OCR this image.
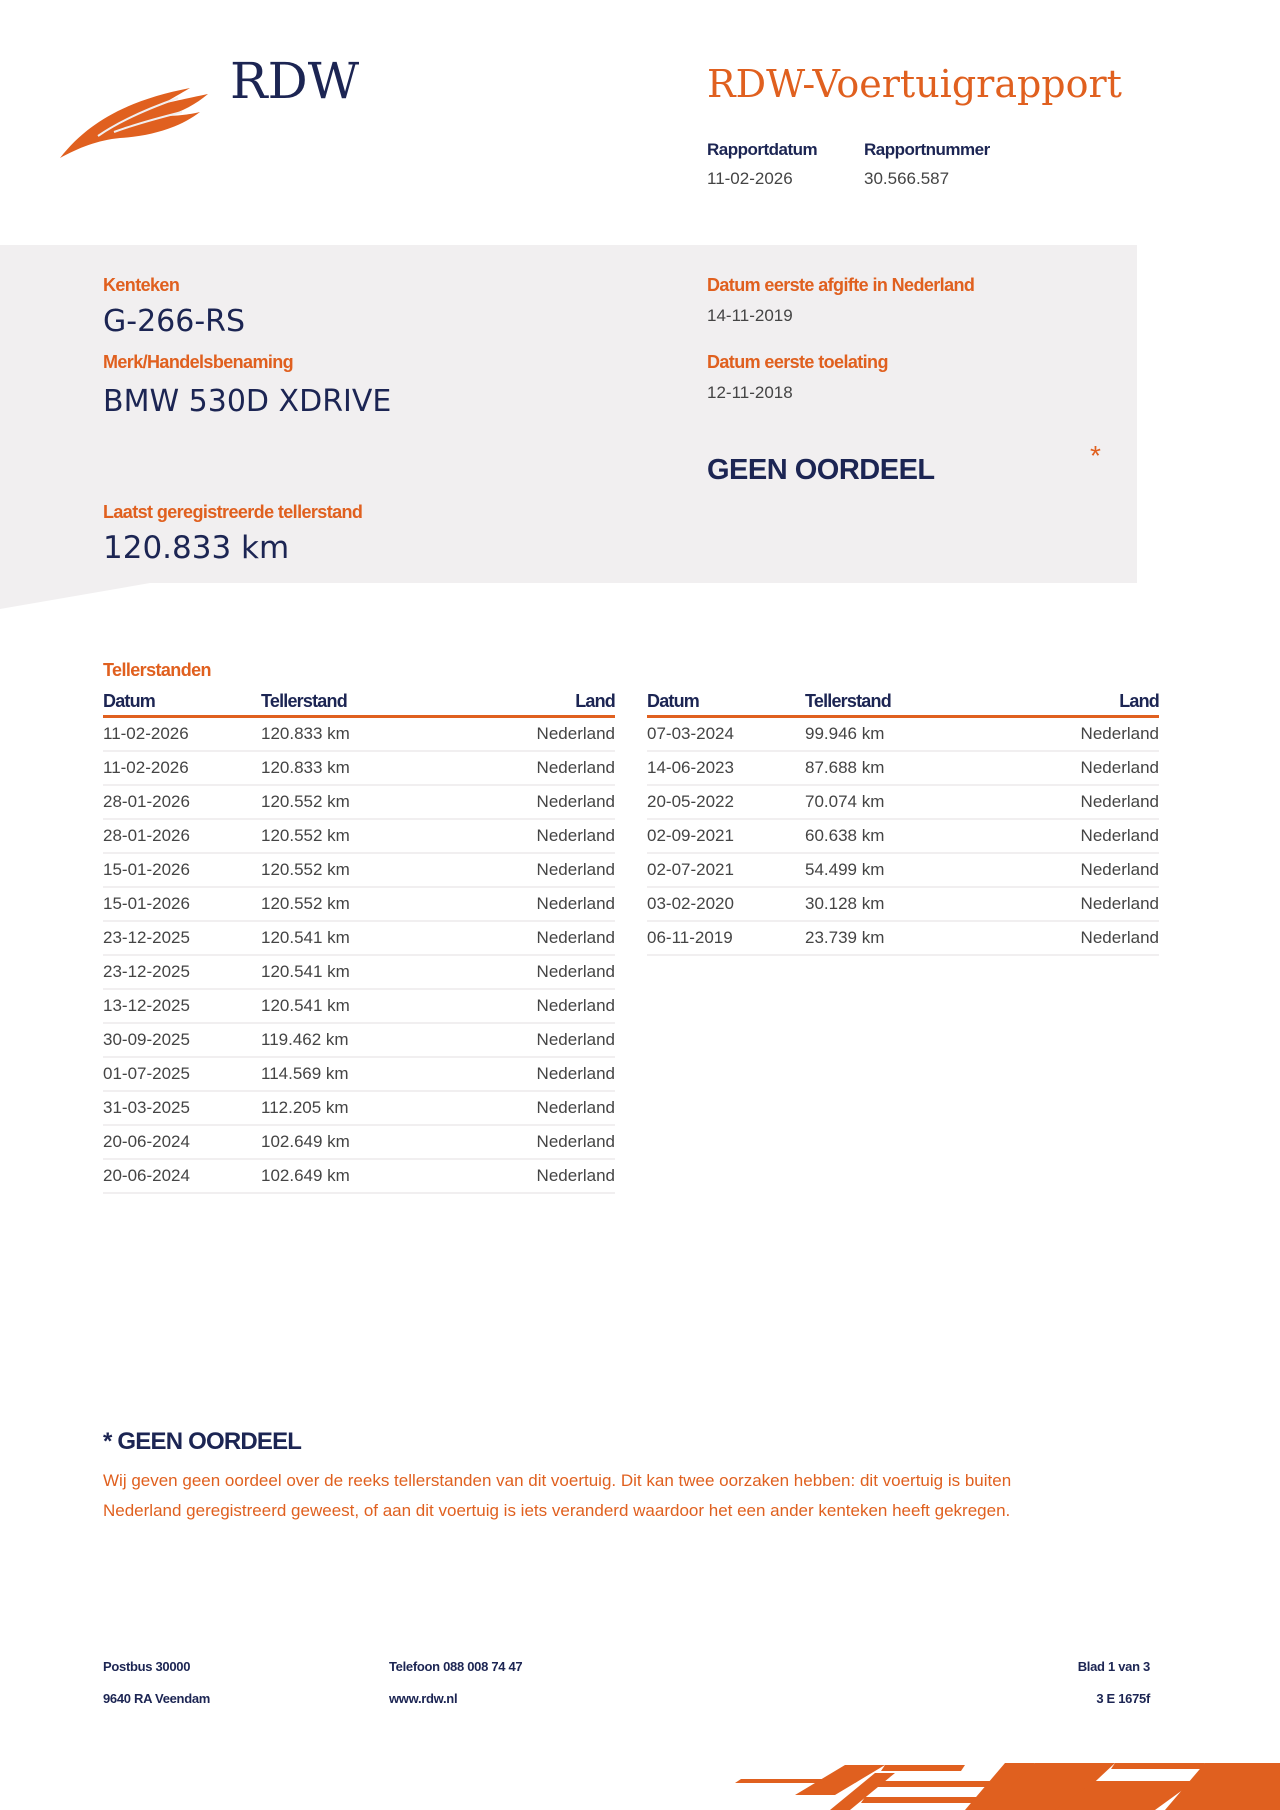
RDW	RDW-Voertuigrapport
Rapportdatum
11-02-2026
Rapportnummer
30.566.587
Kenteken
G-266-RS
Merk/Handelsbenaming
BMW 530D XDRIVE
Laatst geregistreerde tellerstand
120.833 km
Datum eerste afgifte in Nederland
14-11-2019
Datum eerste toelating
12-11-2018
GEEN OORDEEL	*
Tellerstanden
Datum	Tellerstand	Land
11-02-2026	120.833 km	Nederland
11-02-2026	120.833 km	Nederland
28-01-2026	120.552 km	Nederland
28-01-2026	120.552 km	Nederland
15-01-2026	120.552 km	Nederland
15-01-2026	120.552 km	Nederland
23-12-2025	120.541 km	Nederland
23-12-2025	120.541 km	Nederland
13-12-2025	120.541 km	Nederland
30-09-2025	119.462 km	Nederland
01-07-2025	114.569 km	Nederland
31-03-2025	112.205 km	Nederland
20-06-2024	102.649 km	Nederland
20-06-2024	102.649 km	Nederland
Datum	Tellerstand	Land
07-03-2024	99.946 km	Nederland
14-06-2023	87.688 km	Nederland
20-05-2022	70.074 km	Nederland
02-09-2021	60.638 km	Nederland
02-07-2021	54.499 km	Nederland
03-02-2020	30.128 km	Nederland
06-11-2019	23.739 km	Nederland
* GEEN OORDEEL
Wij geven geen oordeel over de reeks tellerstanden van dit voertuig. Dit kan twee oorzaken hebben: dit voertuig is buiten Nederland geregistreerd geweest, of aan dit voertuig is iets veranderd waardoor het een ander kenteken heeft gekregen.
Postbus 30000
9640 RA Veendam
Telefoon 088 008 74 47
www.rdw.nl
Blad 1 van 3
3 E 1675f
